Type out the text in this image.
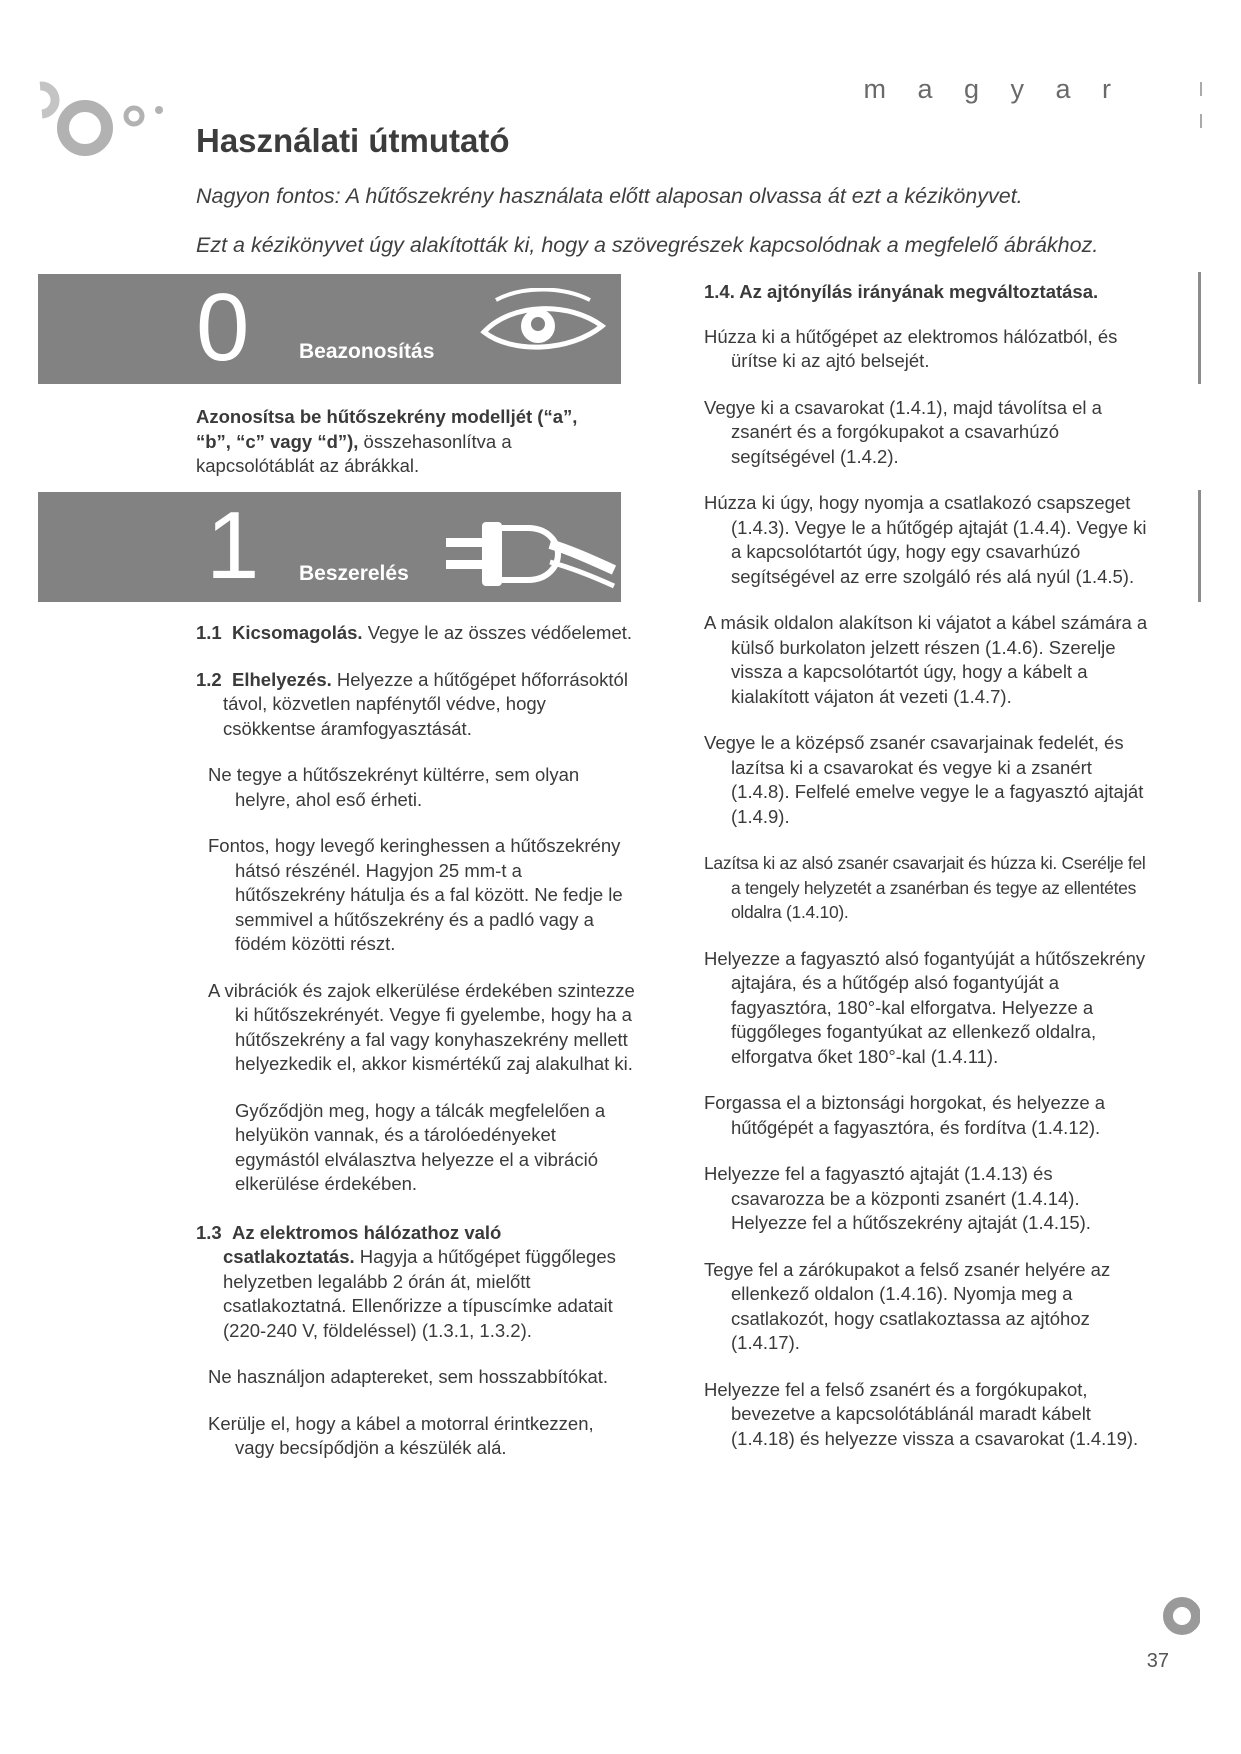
m a g y a r
Használati útmutató
Nagyon fontos: A hűtőszekrény használata előtt alaposan olvassa át ezt a kézikönyvet.
Ezt a kézikönyvet úgy alakították ki, hogy a szövegrészek kapcsolódnak a megfelelő ábrákhoz.
0 Beazonosítás

Azonosítsa be hűtőszekrény modelljét (“a”, “b”, “c” vagy “d”), összehasonlítva a kapcsolótáblát az ábrákkal.

1 Beszerelés

1.1 Kicsomagolás. Vegye le az összes védőelemet.

1.2 Elhelyezés. Helyezze a hűtőgépet hőforrásoktól távol, közvetlen napfénytől védve, hogy csökkentse áramfogyasztását.

Ne tegye a hűtőszekrényt kültérre, sem olyan helyre, ahol eső érheti.

Fontos, hogy levegő keringhessen a hűtőszekrény hátsó részénél. Hagyjon 25 mm-t a hűtőszekrény hátulja és a fal között. Ne fedje le semmivel a hűtőszekrény és a padló vagy a födém közötti részt.

A vibrációk és zajok elkerülése érdekében szintezze ki hűtőszekrényét. Vegye fi gyelembe, hogy ha a hűtőszekrény a fal vagy konyhaszekrény mellett helyezkedik el, akkor kismértékű zaj alakulhat ki.

Győződjön meg, hogy a tálcák megfelelően a helyükön vannak, és a tárolóedényeket egymástól elválasztva helyezze el a vibráció elkerülése érdekében.

1.3 Az elektromos hálózathoz való csatlakoztatás. Hagyja a hűtőgépet függőleges helyzetben legalább 2 órán át, mielőtt csatlakoztatná. Ellenőrizze a típuscímke adatait (220-240 V, földeléssel) (1.3.1, 1.3.2).

Ne használjon adaptereket, sem hosszabbítókat.

Kerülje el, hogy a kábel a motorral érintkezzen, vagy becsípődjön a készülék alá.

1.4. Az ajtónyílás irányának megváltoztatása.

Húzza ki a hűtőgépet az elektromos hálózatból, és ürítse ki az ajtó belsejét.

Vegye ki a csavarokat (1.4.1), majd távolítsa el a zsanért és a forgókupakot a csavarhúzó segítségével (1.4.2).

Húzza ki úgy, hogy nyomja a csatlakozó csapszeget (1.4.3). Vegye le a hűtőgép ajtaját (1.4.4). Vegye ki a kapcsolótartót úgy, hogy egy csavarhúzó segítségével az erre szolgáló rés alá nyúl (1.4.5).

A másik oldalon alakítson ki vájatot a kábel számára a külső burkolaton jelzett részen (1.4.6). Szerelje vissza a kapcsolótartót úgy, hogy a kábelt a kialakított vájaton át vezeti (1.4.7).

Vegye le a középső zsanér csavarjainak fedelét, és lazítsa ki a csavarokat és vegye ki a zsanért (1.4.8). Felfelé emelve vegye le a fagyasztó ajtaját (1.4.9).

Lazítsa ki az alsó zsanér csavarjait és húzza ki. Cserélje fel a tengely helyzetét a zsanérban és tegye az ellentétes oldalra (1.4.10).

Helyezze a fagyasztó alsó fogantyúját a hűtőszekrény ajtajára, és a hűtőgép alsó fogantyúját a fagyasztóra, 180°-kal elforgatva. Helyezze a függőleges fogantyúkat az ellenkező oldalra, elforgatva őket 180°-kal (1.4.11).

Forgassa el a biztonsági horgokat, és helyezze a hűtőgépét a fagyasztóra, és fordítva (1.4.12).

Helyezze fel a fagyasztó ajtaját (1.4.13) és csavarozza be a központi zsanért (1.4.14). Helyezze fel a hűtőszekrény ajtaját (1.4.15).

Tegye fel a zárókupakot a felső zsanér helyére az ellenkező oldalon (1.4.16). Nyomja meg a csatlakozót, hogy csatlakoztassa az ajtóhoz (1.4.17).

Helyezze fel a felső zsanért és a forgókupakot, bevezetve a kapcsolótáblánál maradt kábelt (1.4.18) és helyezze vissza a csavarokat (1.4.19).

37
